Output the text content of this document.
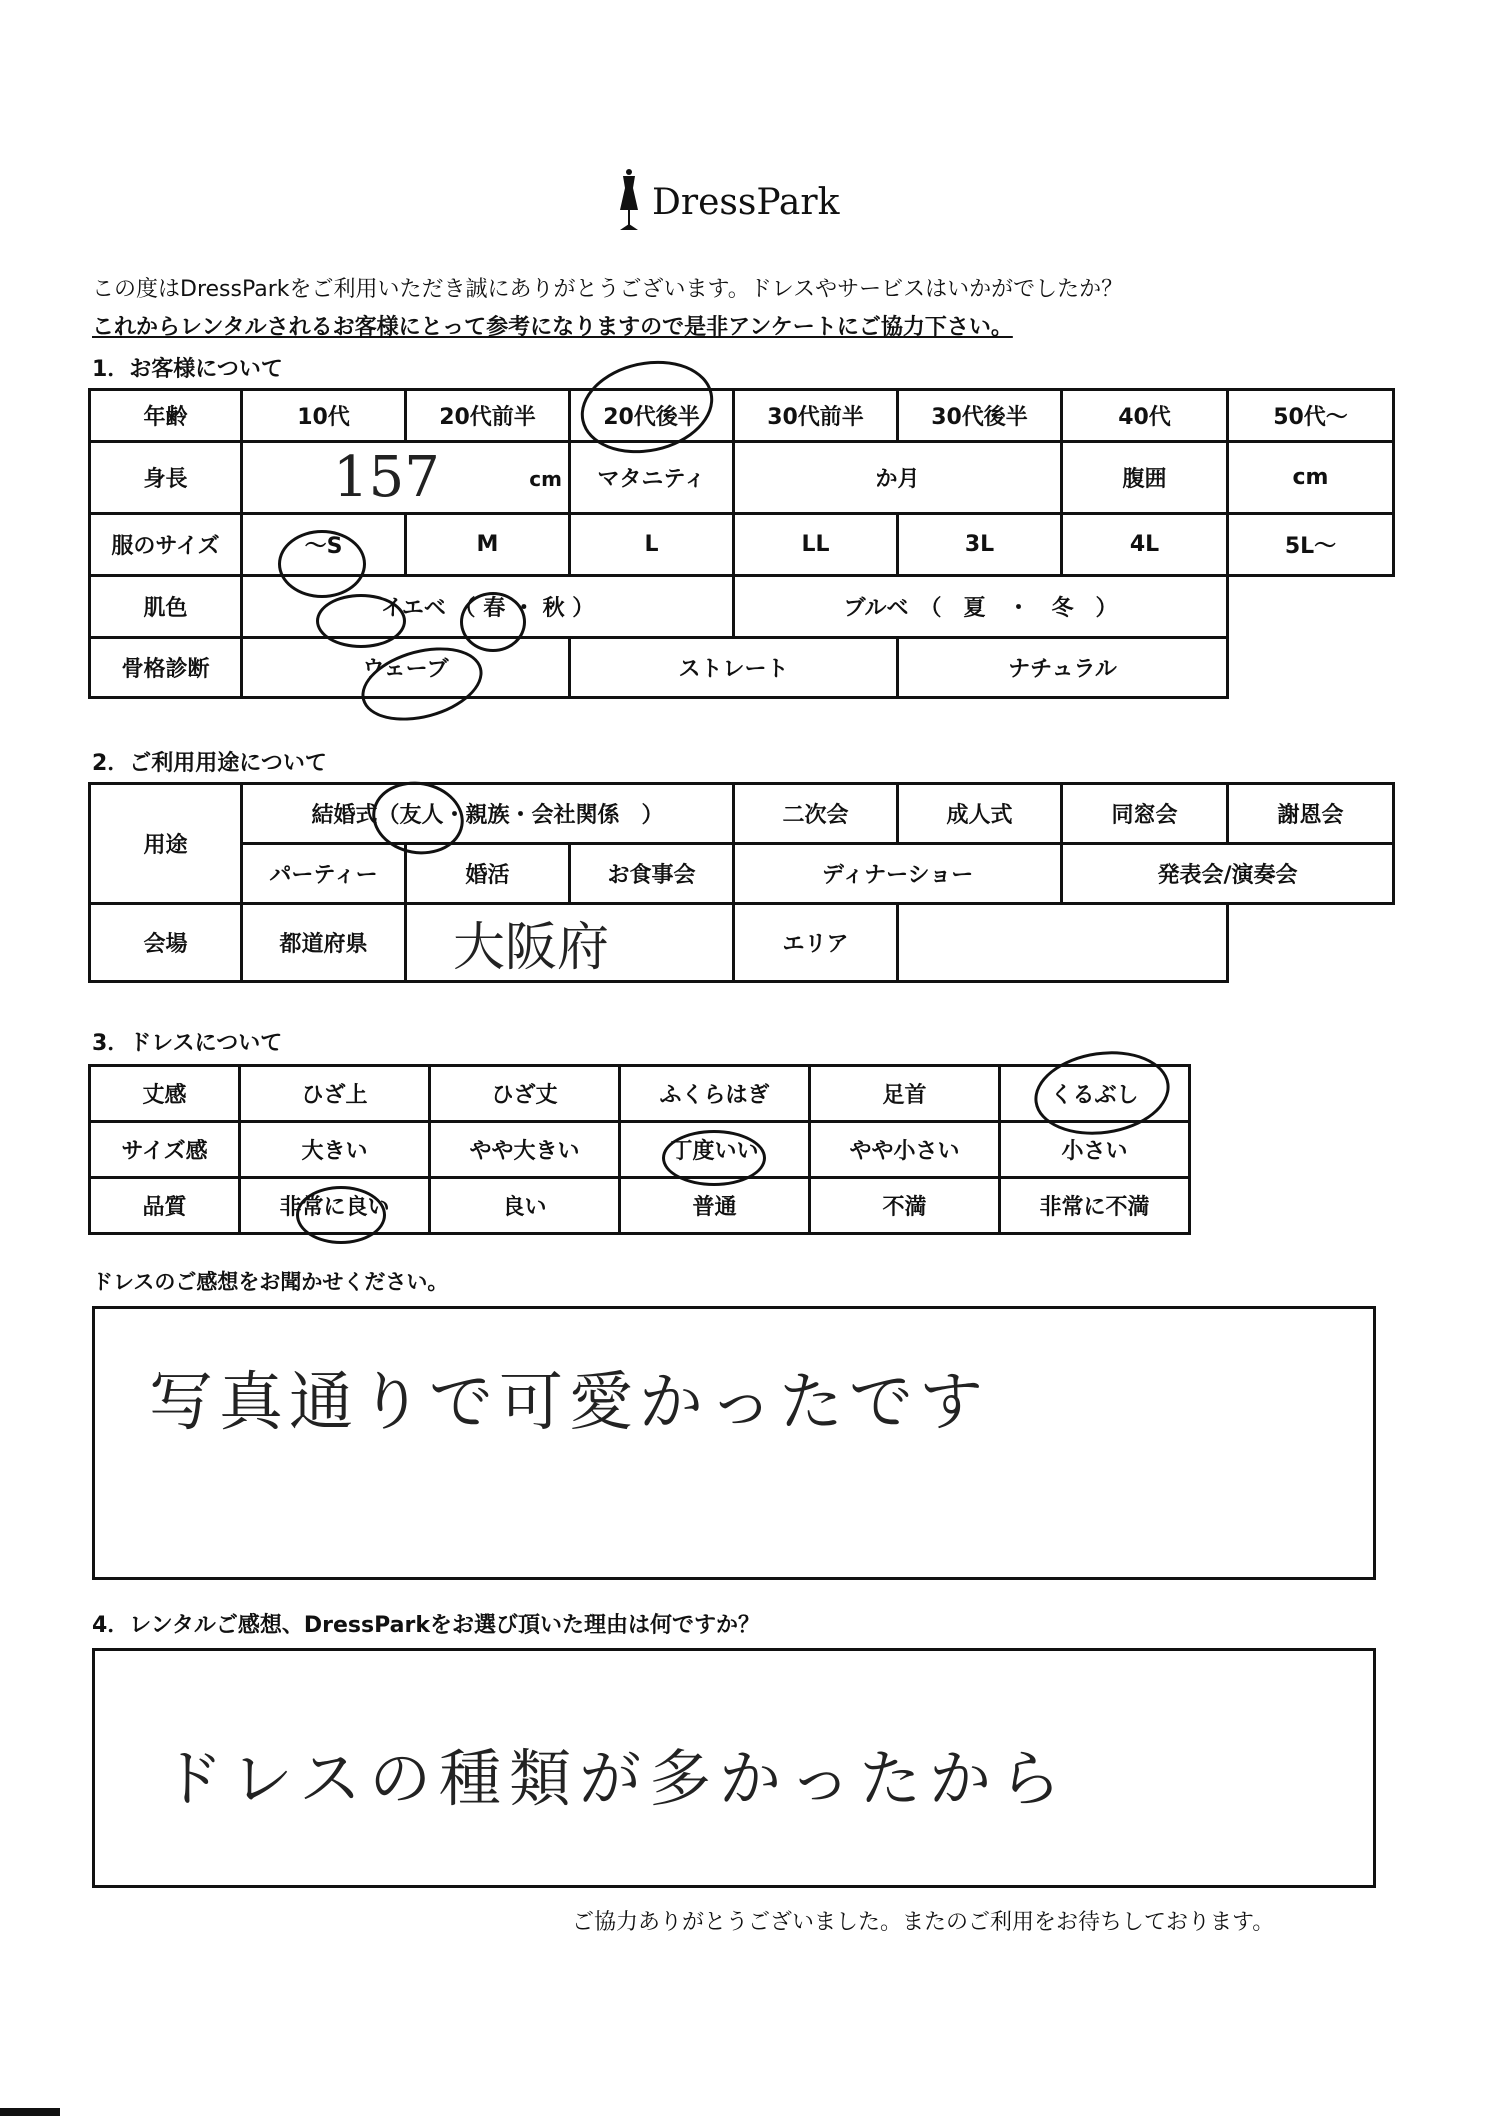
DressPark
この度はDressParkをご利用いただき誠にありがとうございます。ドレスやサービスはいかがでしたか？
これからレンタルされるお客様にとって参考になりますので是非アンケートにご協力下さい。
1．お客様について
年齢	10代	20代前半	20代後半	30代前半	30代後半	40代	50代～
身長	157 cm		マタニティ	か月		腹囲	cm
服のサイズ	～S	M	L	LL	3L	4L	5L～
肌色	イエベ （ 春 ・ 秋 ）			ブルベ　（　夏　・　冬　）			
骨格診断	ウェーブ		ストレート		ナチュラル		
2．ご利用用途について
用途	結婚式（友人・親族・会社関係　）			二次会	成人式	同窓会	謝恩会
	パーティー	婚活	お食事会	ディナーショー		発表会/演奏会	
会場	都道府県	大阪府		エリア			
3．ドレスについて
丈感	ひざ上	ひざ丈	ふくらはぎ	足首	くるぶし
サイズ感	大きい	やや大きい	丁度いい	やや小さい	小さい
品質	非常に良い	良い	普通	不満	非常に不満
ドレスのご感想をお聞かせください。
写真通りで可愛かったです
4．レンタルご感想、DressParkをお選び頂いた理由は何ですか？
ドレスの種類が多かったから
ご協力ありがとうございました。またのご利用をお待ちしております。
